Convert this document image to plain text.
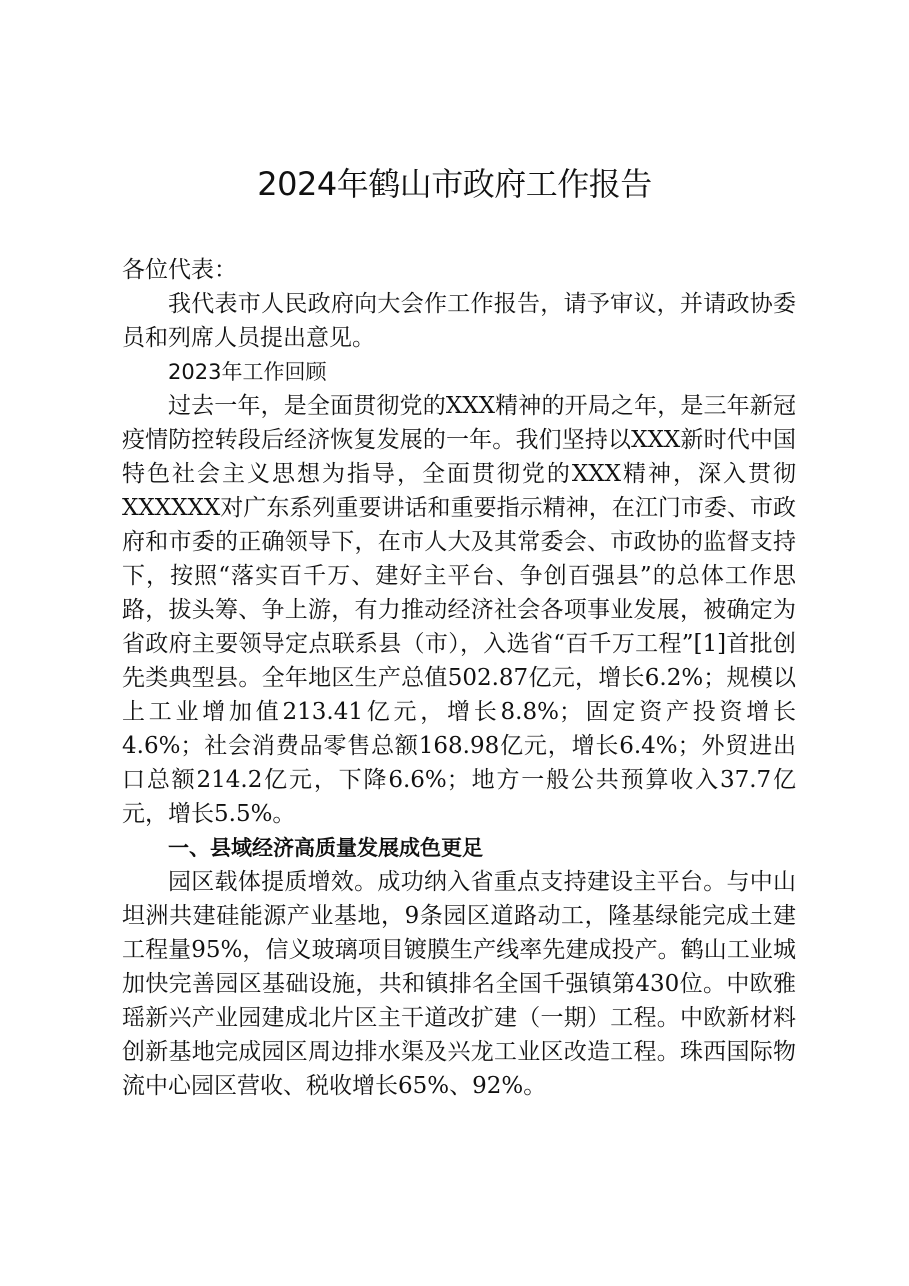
2024年鹤山市政府工作报告

各位代表：

我代表市人民政府向大会作工作报告，请予审议，并请政协委员和列席人员提出意见。

2023年工作回顾

过去一年，是全面贯彻党的XXX精神的开局之年，是三年新冠疫情防控转段后经济恢复发展的一年。我们坚持以XXX新时代中国特色社会主义思想为指导，全面贯彻党的XXX精神，深入贯彻XXXXXX对广东系列重要讲话和重要指示精神，在江门市委、市政府和市委的正确领导下，在市人大及其常委会、市政协的监督支持下，按照“落实百千万、建好主平台、争创百强县”的总体工作思路，拔头筹、争上游，有力推动经济社会各项事业发展，被确定为省政府主要领导定点联系县（市），入选省“百千万工程”[1]首批创先类典型县。全年地区生产总值502.87亿元，增长6.2%；规模以上工业增加值213.41亿元，增长8.8%；固定资产投资增长4.6%；社会消费品零售总额168.98亿元，增长6.4%；外贸进出口总额214.2亿元，下降6.6%；地方一般公共预算收入37.7亿元，增长5.5%。

一、县域经济高质量发展成色更足

园区载体提质增效。成功纳入省重点支持建设主平台。与中山坦洲共建硅能源产业基地，9条园区道路动工，隆基绿能完成土建工程量95%，信义玻璃项目镀膜生产线率先建成投产。鹤山工业城加快完善园区基础设施，共和镇排名全国千强镇第430位。中欧雅瑶新兴产业园建成北片区主干道改扩建（一期）工程。中欧新材料创新基地完成园区周边排水渠及兴龙工业区改造工程。珠西国际物流中心园区营收、税收增长65%、92%。
